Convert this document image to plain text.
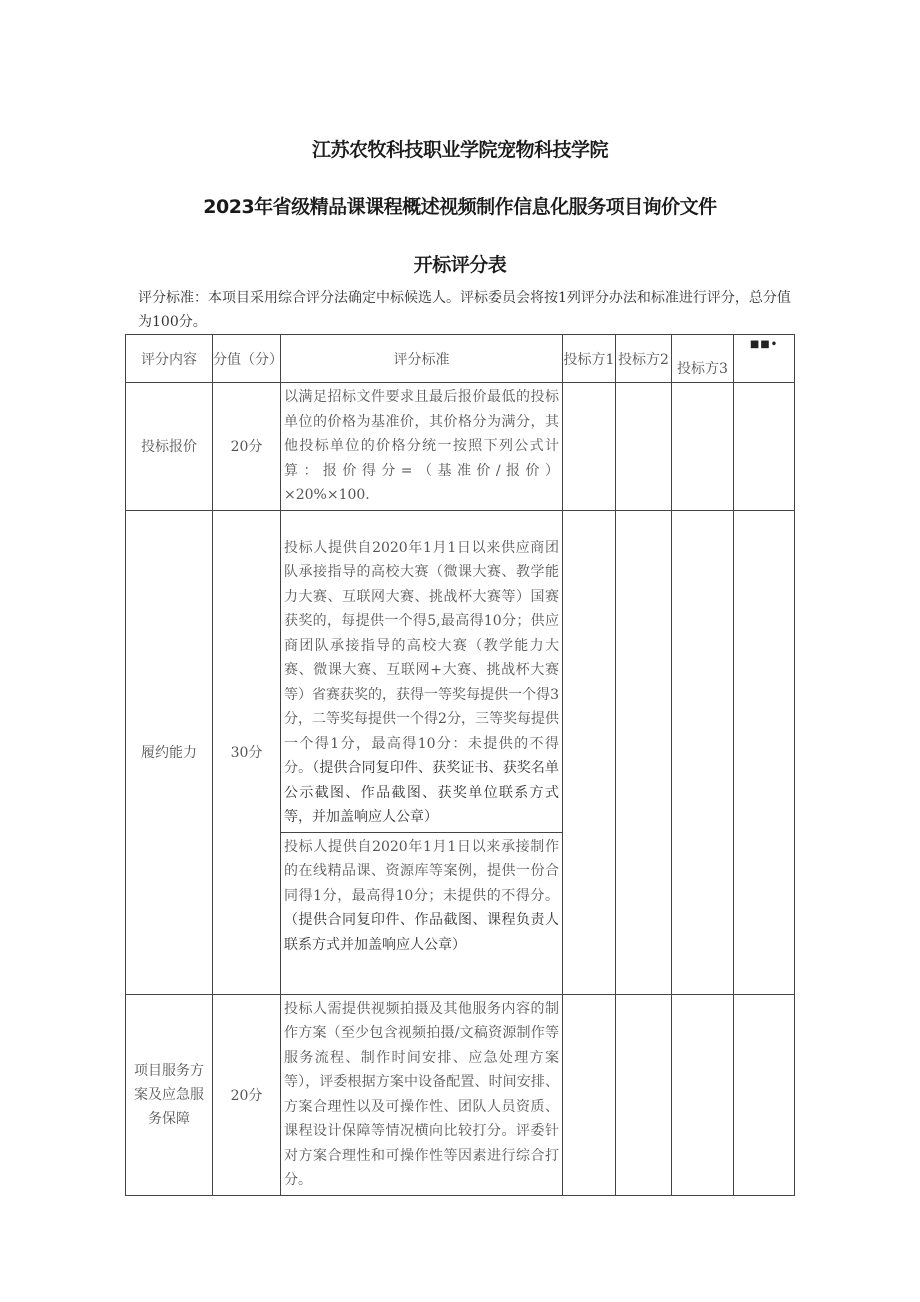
江苏农牧科技职业学院宠物科技学院
2023年省级精品课课程概述视频制作信息化服务项目询价文件
开标评分表
评分标准：本项目采用综合评分法确定中标候选人。评标委员会将按1列评分办法和标准进行评分，总分值为100分。
评分内容	分值（分）	评分标准	投标方1	投标方2	投标方3	■■•
投标报价	20分	以满足招标文件要求且最后报价最低的投标单位的价格为基准价，其价格分为满分，其他投标单位的价格分统一按照下列公式计算：报价得分=（基准价/报价）×20%×100.				
履约能力	30分	投标人提供自2020年1月1日以来供应商团队承接指导的高校大赛（微课大赛、教学能力大赛、互联网大赛、挑战杯大赛等）国赛获奖的，每提供一个得5,最高得10分；供应商团队承接指导的高校大赛（教学能力大赛、微课大赛、互联网+大赛、挑战杯大赛等）省赛获奖的，获得一等奖每提供一个得3分，二等奖每提供一个得2分，三等奖每提供一个得1分，最高得10分：未提供的不得分。（提供合同复印件、获奖证书、获奖名单公示截图、作品截图、获奖单位联系方式等，并加盖响应人公章）				
		投标人提供自2020年1月1日以来承接制作的在线精品课、资源库等案例，提供一份合同得1分，最高得10分；未提供的不得分。（提供合同复印件、作品截图、课程负责人联系方式并加盖响应人公章）				
项目服务方案及应急服务保障	20分	投标人需提供视频拍摄及其他服务内容的制作方案（至少包含视频拍摄/文稿资源制作等服务流程、制作时间安排、应急处理方案等），评委根据方案中设备配置、时间安排、方案合理性以及可操作性、团队人员资质、课程设计保障等情况横向比较打分。评委针对方案合理性和可操作性等因素进行综合打分。				
